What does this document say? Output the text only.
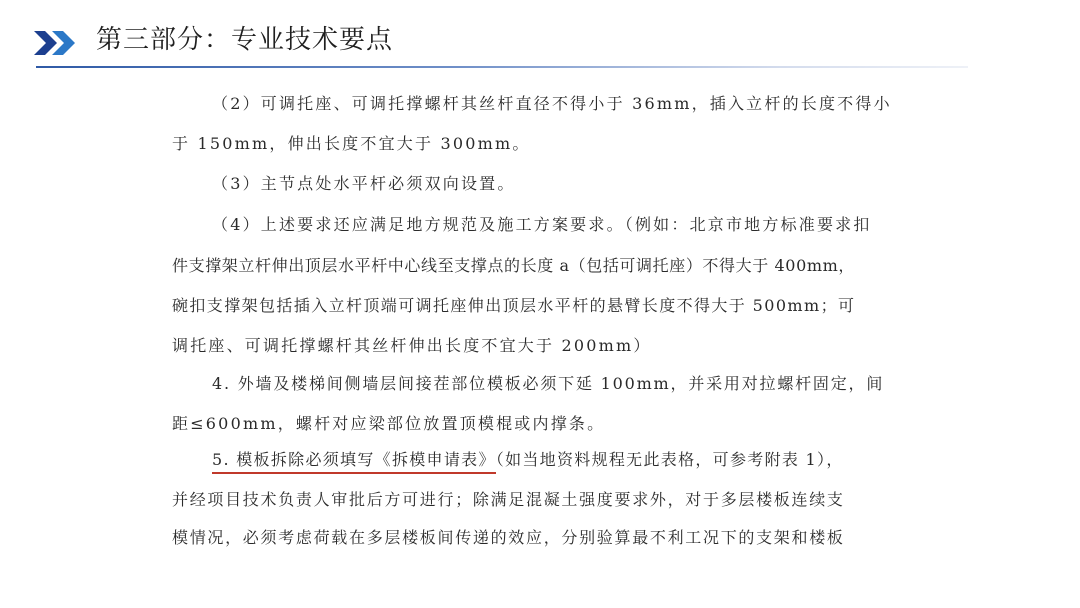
第三部分：专业技术要点
（2）可调托座、可调托撑螺杆其丝杆直径不得小于 36mm，插入立杆的长度不得小
于 150mm，伸出长度不宜大于 300mm。
（3）主节点处水平杆必须双向设置。
（4）上述要求还应满足地方规范及施工方案要求。（例如：北京市地方标准要求扣
件支撑架立杆伸出顶层水平杆中心线至支撑点的长度 a（包括可调托座）不得大于 400mm，
碗扣支撑架包括插入立杆顶端可调托座伸出顶层水平杆的悬臂长度不得大于 500mm；可
调托座、可调托撑螺杆其丝杆伸出长度不宜大于 200mm）
4. 外墙及楼梯间侧墙层间接茬部位模板必须下延 100mm，并采用对拉螺杆固定，间
距≤600mm，螺杆对应梁部位放置顶模棍或内撑条。
5. 模板拆除必须填写《拆模申请表》（如当地资料规程无此表格，可参考附表 1），
并经项目技术负责人审批后方可进行；除满足混凝土强度要求外，对于多层楼板连续支
模情况，必须考虑荷载在多层楼板间传递的效应，分别验算最不利工况下的支架和楼板
